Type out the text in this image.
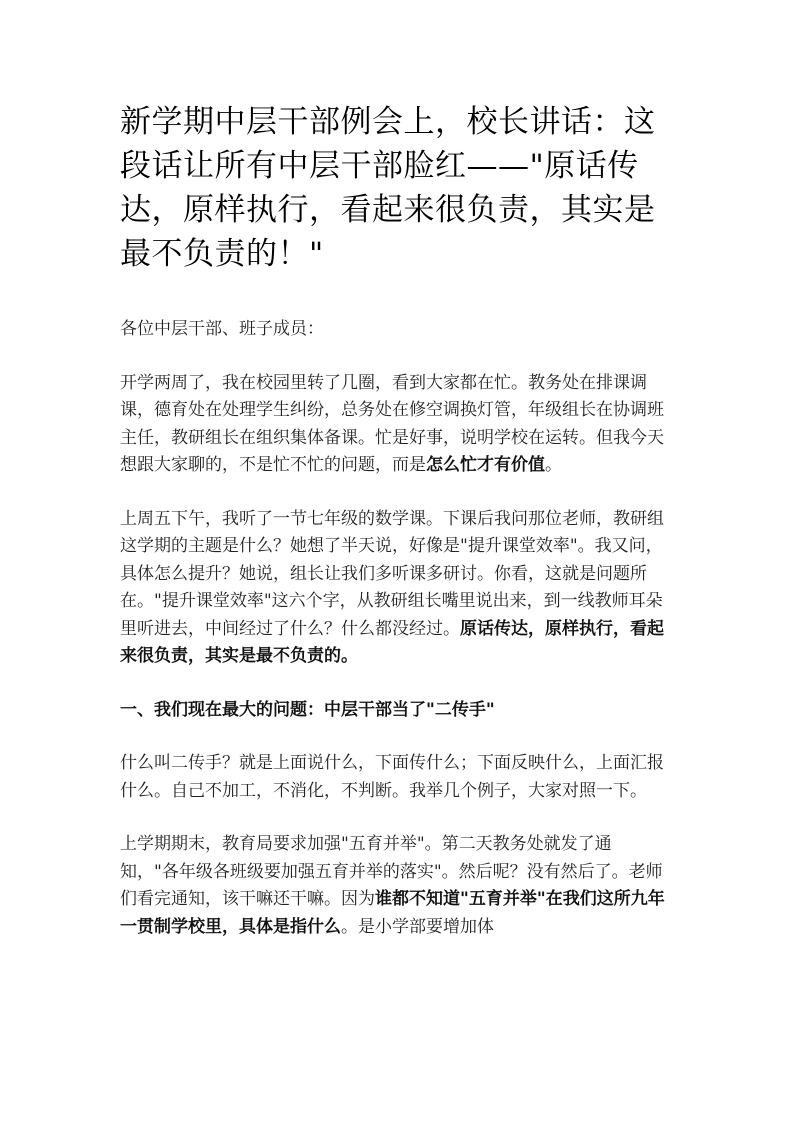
新学期中层干部例会上，校长讲话：这段话让所有中层干部脸红——"原话传达，原样执行，看起来很负责，其实是最不负责的！"

各位中层干部、班子成员：

开学两周了，我在校园里转了几圈，看到大家都在忙。教务处在排课调课，德育处在处理学生纠纷，总务处在修空调换灯管，年级组长在协调班主任，教研组长在组织集体备课。忙是好事，说明学校在运转。但我今天想跟大家聊的，不是忙不忙的问题，而是怎么忙才有价值。

上周五下午，我听了一节七年级的数学课。下课后我问那位老师，教研组这学期的主题是什么？她想了半天说，好像是"提升课堂效率"。我又问，具体怎么提升？她说，组长让我们多听课多研讨。你看，这就是问题所在。"提升课堂效率"这六个字，从教研组长嘴里说出来，到一线教师耳朵里听进去，中间经过了什么？什么都没经过。原话传达，原样执行，看起来很负责，其实是最不负责的。

一、我们现在最大的问题：中层干部当了"二传手"

什么叫二传手？就是上面说什么，下面传什么；下面反映什么，上面汇报什么。自己不加工，不消化，不判断。我举几个例子，大家对照一下。

上学期期末，教育局要求加强"五育并举"。第二天教务处就发了通知，"各年级各班级要加强五育并举的落实"。然后呢？没有然后了。老师们看完通知，该干嘛还干嘛。因为谁都不知道"五育并举"在我们这所九年一贯制学校里，具体是指什么。是小学部要增加体
